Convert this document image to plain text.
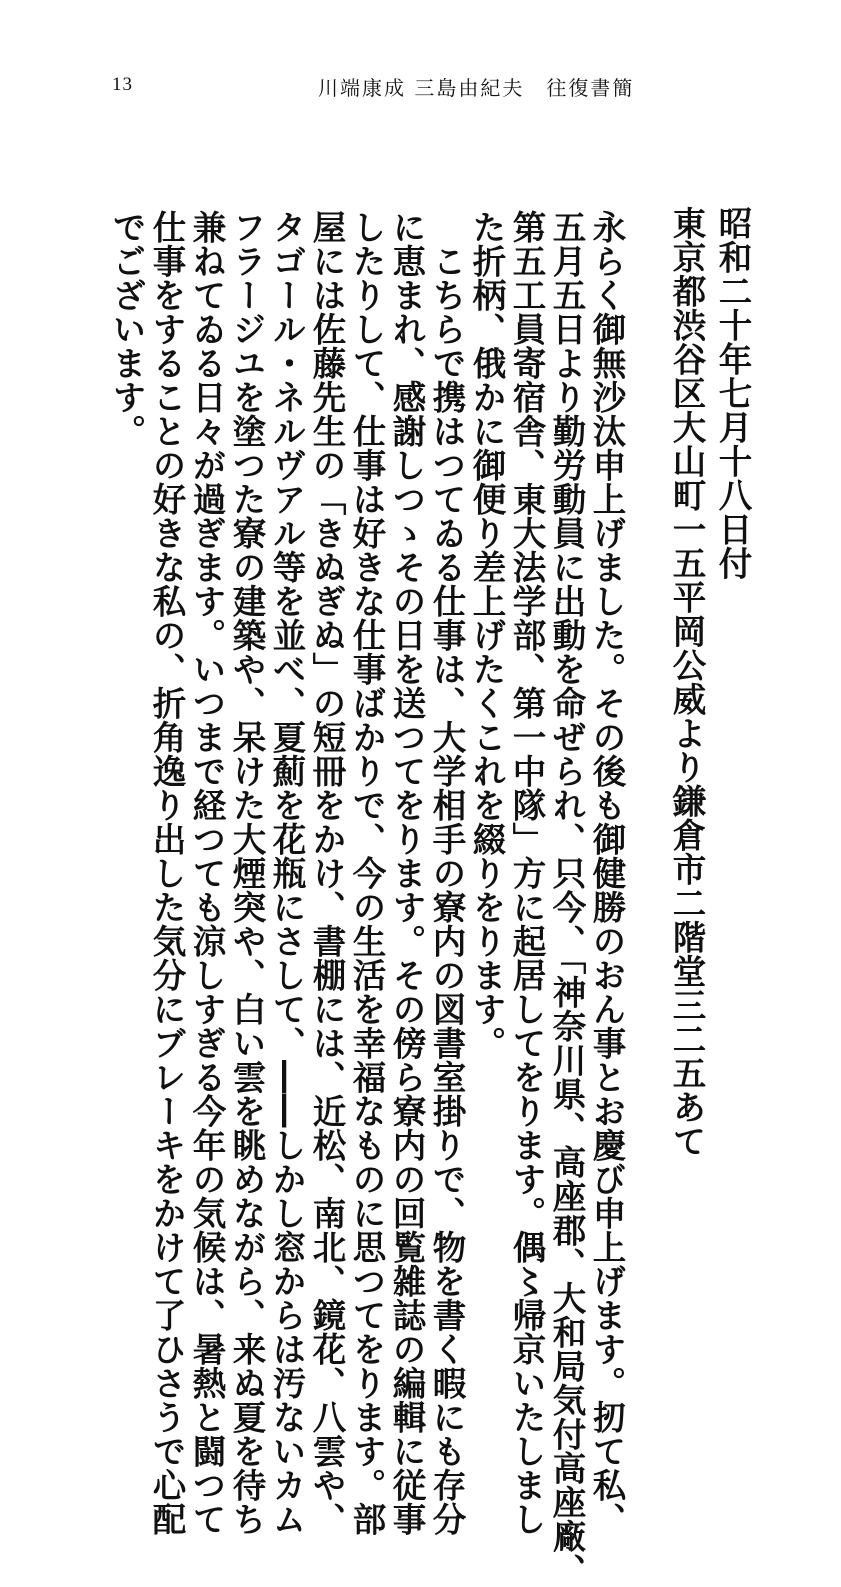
13	川端康成 三島由紀夫　往復書簡
昭和二十年七月十八日付
東京都渋谷区大山町一五平岡公威より鎌倉市二階堂三二五あて
永らく御無沙汰申上げました。その後も御健勝のおん事とお慶び申上げます。扨て私、
五月五日より勤労動員に出動を命ぜられ、只今、「神奈川県、高座郡、大和局気付高座廠、
第五工員寄宿舎、東大法学部、第一中隊」方に起居してをります。偶〻帰京いたしまし
た折柄、俄かに御便り差上げたくこれを綴りをります。
　こちらで携はつてゐる仕事は、大学相手の寮内の図書室掛りで、物を書く暇にも存分
に恵まれ、感謝しつゝその日を送つてをります。その傍ら寮内の回覧雑誌の編輯に従事
したりして、仕事は好きな仕事ばかりで、今の生活を幸福なものに思つてをります。部
屋には佐藤先生の「きぬぎぬ」の短冊をかけ、書棚には、近松、南北、鏡花、八雲や、
タゴール・ネルヴアル等を並べ、夏薊を花瓶にさして、――しかし窓からは汚ないカム
フラージユを塗つた寮の建築や、呆けた大煙突や、白い雲を眺めながら、来ぬ夏を待ち
兼ねてゐる日々が過ぎます。いつまで経つても涼しすぎる今年の気候は、暑熱と闘つて
仕事をすることの好きな私の、折角逸り出した気分にブレーキをかけて了ひさうで心配
でございます。
